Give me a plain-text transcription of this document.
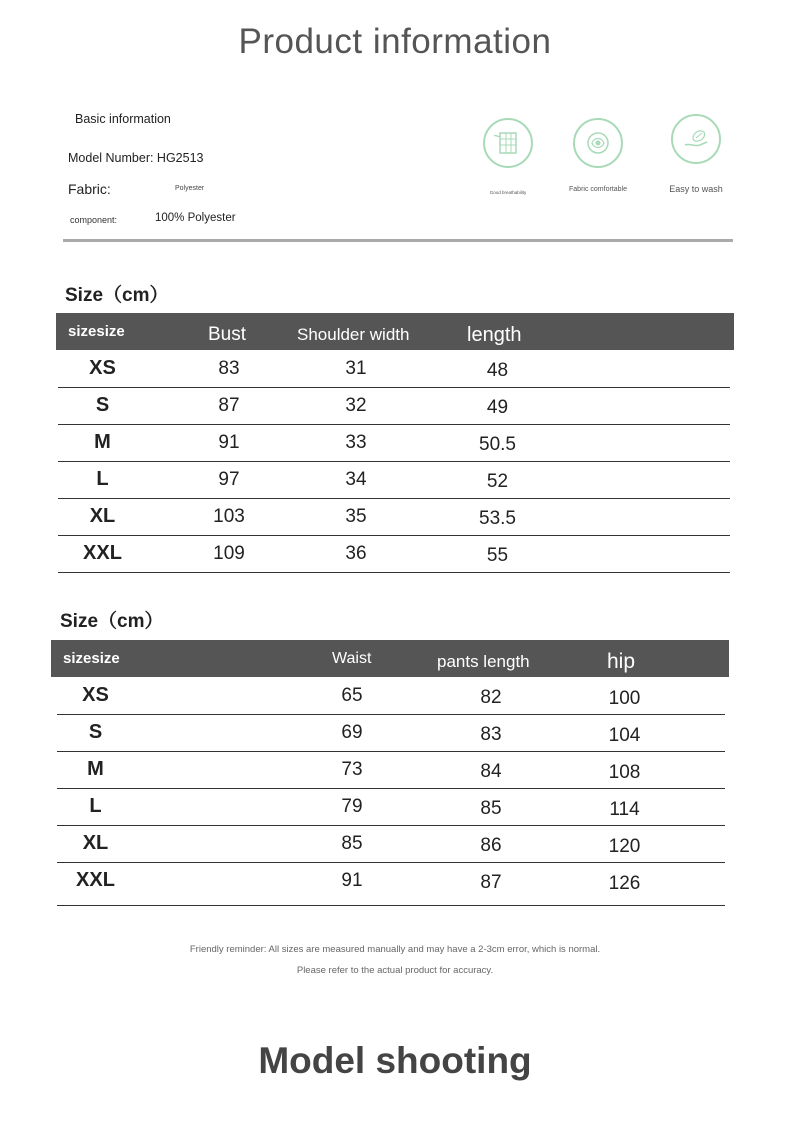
Product information
Basic information
Model Number: HG2513
Fabric:	Polyester
component:	100% Polyester
Good breathability	Fabric comfortable	Easy to wash
Size（cm）
sizesize	Bust	Shoulder width	length
XS	83	31	48
S	87	32	49
M	91	33	50.5
L	97	34	52
XL	103	35	53.5
XXL	109	36	55
Size（cm）
sizesize	Waist	pants length	hip
XS	65	82	100
S	69	83	104
M	73	84	108
L	79	85	114
XL	85	86	120
XXL	91	87	126
Friendly reminder: All sizes are measured manually and may have a 2-3cm error, which is normal.
Please refer to the actual product for accuracy.
Model shooting
